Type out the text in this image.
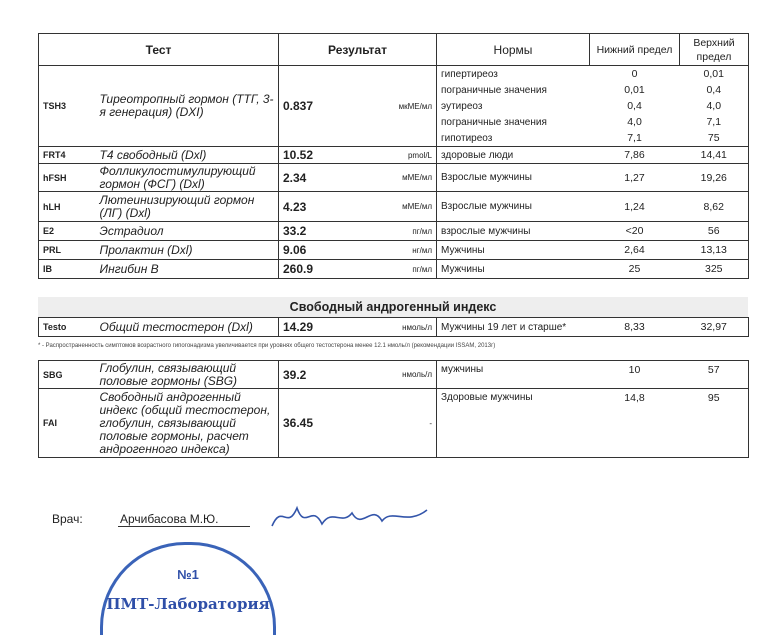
Тест		Результат		Нормы	Нижний предел	Верхний предел
TSH3	Тиреотропный гормон (ТТГ, 3-я генерация) (DXI)	0.837	мкМЕ/мл	гипертиреоз	0	0,01
				пограничные значения	0,01	0,4
				эутиреоз	0,4	4,0
				пограничные значения	4,0	7,1
				гипотиреоз	7,1	75
FRT4	Т4 свободный (Dxl)	10.52	pmol/L	здоровые люди	7,86	14,41
hFSH	Фолликулостимулирующий гормон (ФСГ) (Dxl)	2.34	мМЕ/мл	Взрослые мужчины	1,27	19,26
hLH	Лютеинизирующий гормон (ЛГ) (Dxl)	4.23	мМЕ/мл	Взрослые мужчины	1,24	8,62
E2	Эстрадиол	33.2	пг/мл	взрослые мужчины	<20	56
PRL	Пролактин (Dxl)	9.06	нг/мл	Мужчины	2,64	13,13
IB	Ингибин В	260.9	пг/мл	Мужчины	25	325
Свободный андрогенный индекс
Testo	Общий тестостерон (Dxl)	14.29	нмоль/л	Мужчины 19 лет и старше*	8,33	32,97
* - Распространенность симптомов возрастного гипогонадизма увеличивается при уровнях общего тестостерона менее 12.1 нмоль/л (рекомендации ISSAM, 2013г)
SBG	Глобулин, связывающий половые гормоны (SBG)	39.2	нмоль/л	мужчины	10	57
FAI	Свободный андрогенный индекс (общий тестостерон, глобулин, связывающий половые гормоны, расчет андрогенного индекса)	36.45	-	Здоровые мужчины	14,8	95
Врач:	Арчибасова М.Ю.
№1
ПМТ-Лаборатория
